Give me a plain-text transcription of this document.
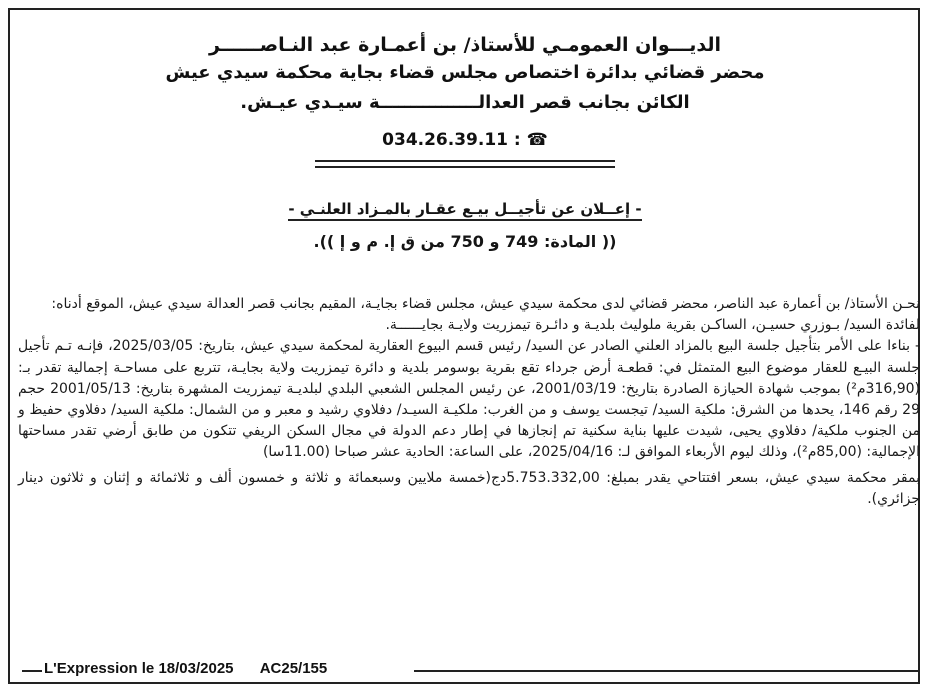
الديـــوان العمومـي للأستاذ/ بن أعمـارة عبد النـاصــــــر
محضر قضائي بدائرة اختصاص مجلس قضاء بجاية محكمة سيدي عيش
الكائن بجانب قصر العدالــــــــــــــــة سيـدي عيـش.
034.26.39.11 : ☎
- إعــلان عن تأجيــل بيـع عقـار بالمـزاد العلنـي -
(( المادة: 749 و 750 من ق إ. م و إ )).

نحـن الأستاذ/ بن أعمارة عبد الناصر، محضر قضائي لدى محكمة سيدي عيش، مجلس قضاء بجايـة، المقيم بجانب قصر العدالة سيدي عيش، الموقع أدناه:

لفائدة السيد/ بـوزري حسيـن، الساكـن بقرية ملوليث بلديـة و دائـرة تيمزريت ولايـة بجايــــــة.

- بناءا على الأمر بتأجيل جلسة البيع بالمزاد العلني الصادر عن السيد/ رئيس قسم البيوع العقارية لمحكمة سيدي عيش، بتاريخ: 2025/03/05، فإنـه تـم تأجيل جلسة البيـع للعقار موضوع البيع المتمثل في: قطعـة أرض جرداء تقع بقرية بوسومر بلدية و دائرة تيمزريت ولاية بجايـة، تتربع على مساحـة إجمالية تقدر بـ: (316,90م²) بموجب شهادة الحيازة الصادرة بتاريخ: 2001/03/19، عن رئيس المجلس الشعبي البلدي لبلديـة تيمزريت المشهرة بتاريخ: 2001/05/13 حجم 29 رقم 146، يحدها من الشرق: ملكية السيد/ تيجست يوسف و من الغرب: ملكيـة السيـد/ دفلاوي رشيد و معبر و من الشمال: ملكية السيد/ دفلاوي حفيظ و من الجنوب ملكية/ دفلاوي يحيى، شيدت عليها بناية سكنية تم إنجازها في إطار دعم الدولة في مجال السكن الريفي تتكون من طابق أرضي تقدر مساحتها الإجمالية: (85,00م²)، وذلك ليوم الأربعاء الموافق لـ: 2025/04/16، على الساعة: الحادية عشر صباحا (11.00سا)

بمقر محكمة سيدي عيش، بسعر افتتاحي يقدر بمبلغ: 5.753.332,00دج(خمسة ملايين وسبعمائة و ثلاثة و خمسون ألف و ثلاثمائة و إثنان و ثلاثون دينار جزائري).

L'Expression le 18/03/2025 AC25/155
